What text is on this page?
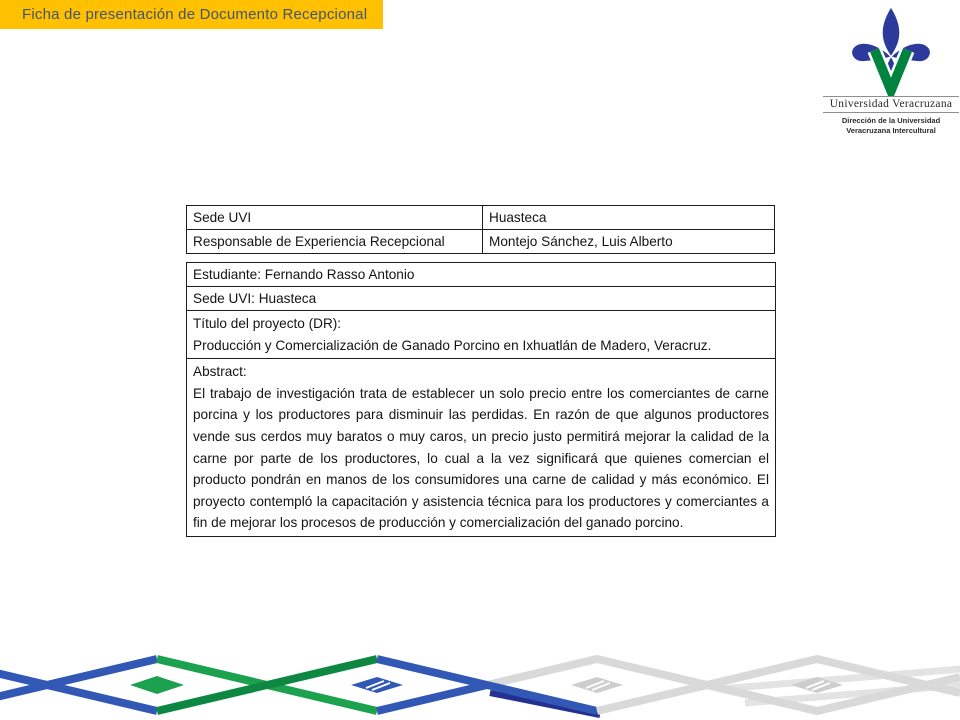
Ficha de presentación de Documento Recepcional
Universidad Veracruzana
Dirección de la Universidad
Veracruzana Intercultural
Sede UVI	Huasteca
Responsable de Experiencia Recepcional	Montejo Sánchez, Luis Alberto
Estudiante: Fernando Rasso Antonio
Sede UVI: Huasteca

Título del proyecto (DR):
Producción y Comercialización de Ganado Porcino en Ixhuatlán de Madero, Veracruz.

Abstract:
El trabajo de investigación trata de establecer un solo precio entre los comerciantes de carne porcina y los productores para disminuir las perdidas. En razón de que algunos productores vende sus cerdos muy baratos o muy caros, un precio justo permitirá mejorar la calidad de la carne por parte de los productores, lo cual a la vez significará que quienes comercian el producto pondrán en manos de los consumidores una carne de calidad y más económico. El proyecto contempló la capacitación y asistencia técnica para los productores y comerciantes a fin de mejorar los procesos de producción y comercialización del ganado porcino.
